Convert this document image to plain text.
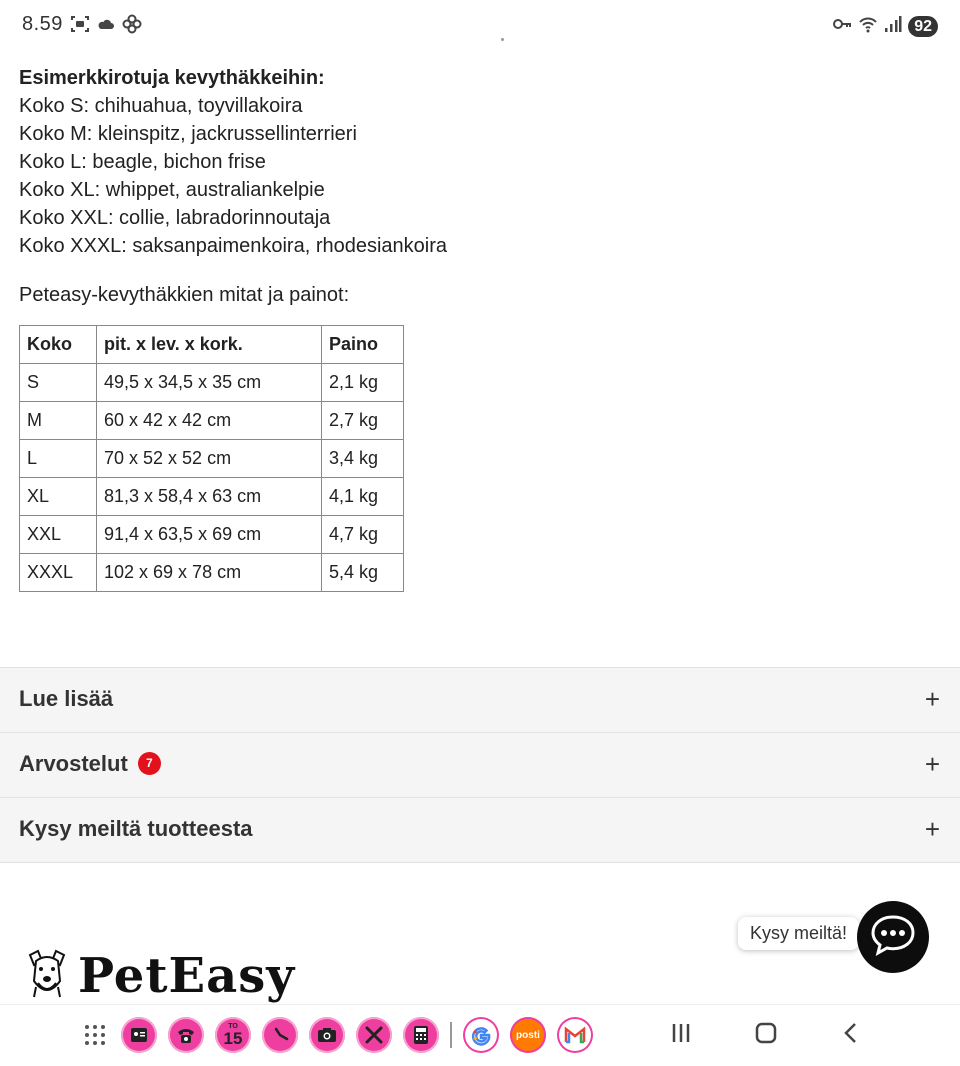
8.59	92
Esimerkkirotuja kevythäkkeihin:
Koko S: chihuahua, toyvillakoira
Koko M: kleinspitz, jackrussellinterrieri
Koko L: beagle, bichon frise
Koko XL: whippet, australiankelpie
Koko XXL: collie, labradorinnoutaja
Koko XXXL: saksanpaimenkoira, rhodesiankoira
Peteasy-kevythäkkien mitat ja painot:
Koko	pit. x lev. x kork.	Paino
S	49,5 x 34,5 x 35 cm	2,1 kg
M	60 x 42 x 42 cm	2,7 kg
L	70 x 52 x 52 cm	3,4 kg
XL	81,3 x 58,4 x 63 cm	4,1 kg
XXL	91,4 x 63,5 x 69 cm	4,7 kg
XXXL	102 x 69 x 78 cm	5,4 kg
Lue lisää	+
Arvostelut 7	+
Kysy meiltä tuotteesta	+
PetEasy
Kysy meiltä!
TO
15	posti
